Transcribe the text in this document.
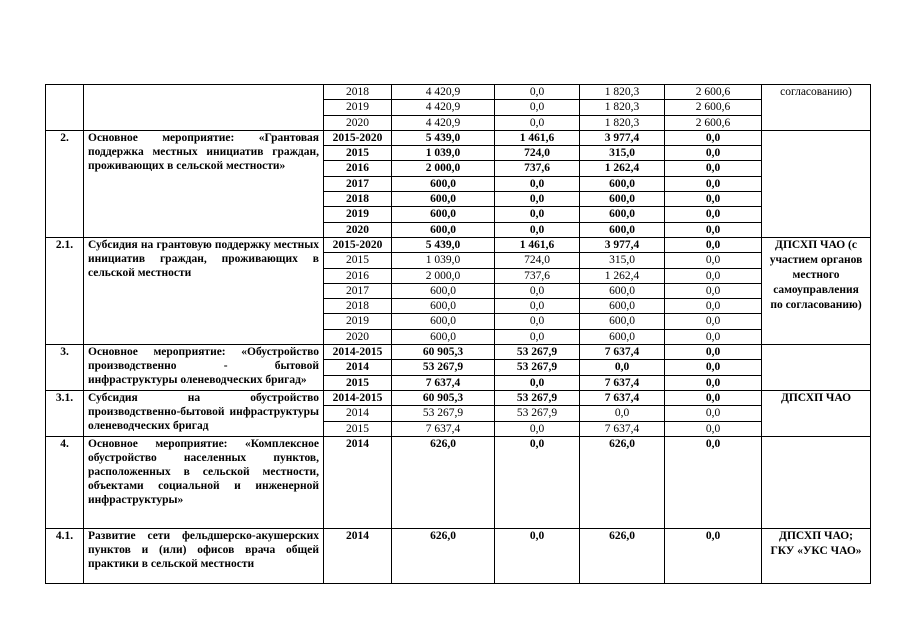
		2018	4 420,9	0,0	1 820,3	2 600,6	согласованию)
		2019	4 420,9	0,0	1 820,3	2 600,6	
		2020	4 420,9	0,0	1 820,3	2 600,6	
2.	Основное мероприятие: «Грантовая поддержка местных инициатив граждан, проживающих в сельской местности»	2015-2020	5 439,0	1 461,6	3 977,4	0,0	
		2015	1 039,0	724,0	315,0	0,0	
		2016	2 000,0	737,6	1 262,4	0,0	
		2017	600,0	0,0	600,0	0,0	
		2018	600,0	0,0	600,0	0,0	
		2019	600,0	0,0	600,0	0,0	
		2020	600,0	0,0	600,0	0,0	
2.1.	Субсидия на грантовую поддержку местных инициатив граждан, проживающих в сельской местности	2015-2020	5 439,0	1 461,6	3 977,4	0,0	ДПСХП ЧАО (с участием органов местного самоуправления по согласованию)
		2015	1 039,0	724,0	315,0	0,0	
		2016	2 000,0	737,6	1 262,4	0,0	
		2017	600,0	0,0	600,0	0,0	
		2018	600,0	0,0	600,0	0,0	
		2019	600,0	0,0	600,0	0,0	
		2020	600,0	0,0	600,0	0,0	
3.	Основное мероприятие: «Обустройство производственно - бытовой инфраструктуры оленеводческих бригад»	2014-2015	60 905,3	53 267,9	7 637,4	0,0	
		2014	53 267,9	53 267,9	0,0	0,0	
		2015	7 637,4	0,0	7 637,4	0,0	
3.1.	Субсидия на обустройство производственно-бытовой инфраструктуры оленеводческих бригад	2014-2015	60 905,3	53 267,9	7 637,4	0,0	ДПСХП ЧАО
		2014	53 267,9	53 267,9	0,0	0,0	
		2015	7 637,4	0,0	7 637,4	0,0	
4.	Основное мероприятие: «Комплексное обустройство населенных пунктов, расположенных в сельской местности, объектами социальной и инженерной инфраструктуры»	2014	626,0	0,0	626,0	0,0	
4.1.	Развитие сети фельдшерско-акушерских пунктов и (или) офисов врача общей практики в сельской местности	2014	626,0	0,0	626,0	0,0	ДПСХП ЧАО; ГКУ «УКС ЧАО»
